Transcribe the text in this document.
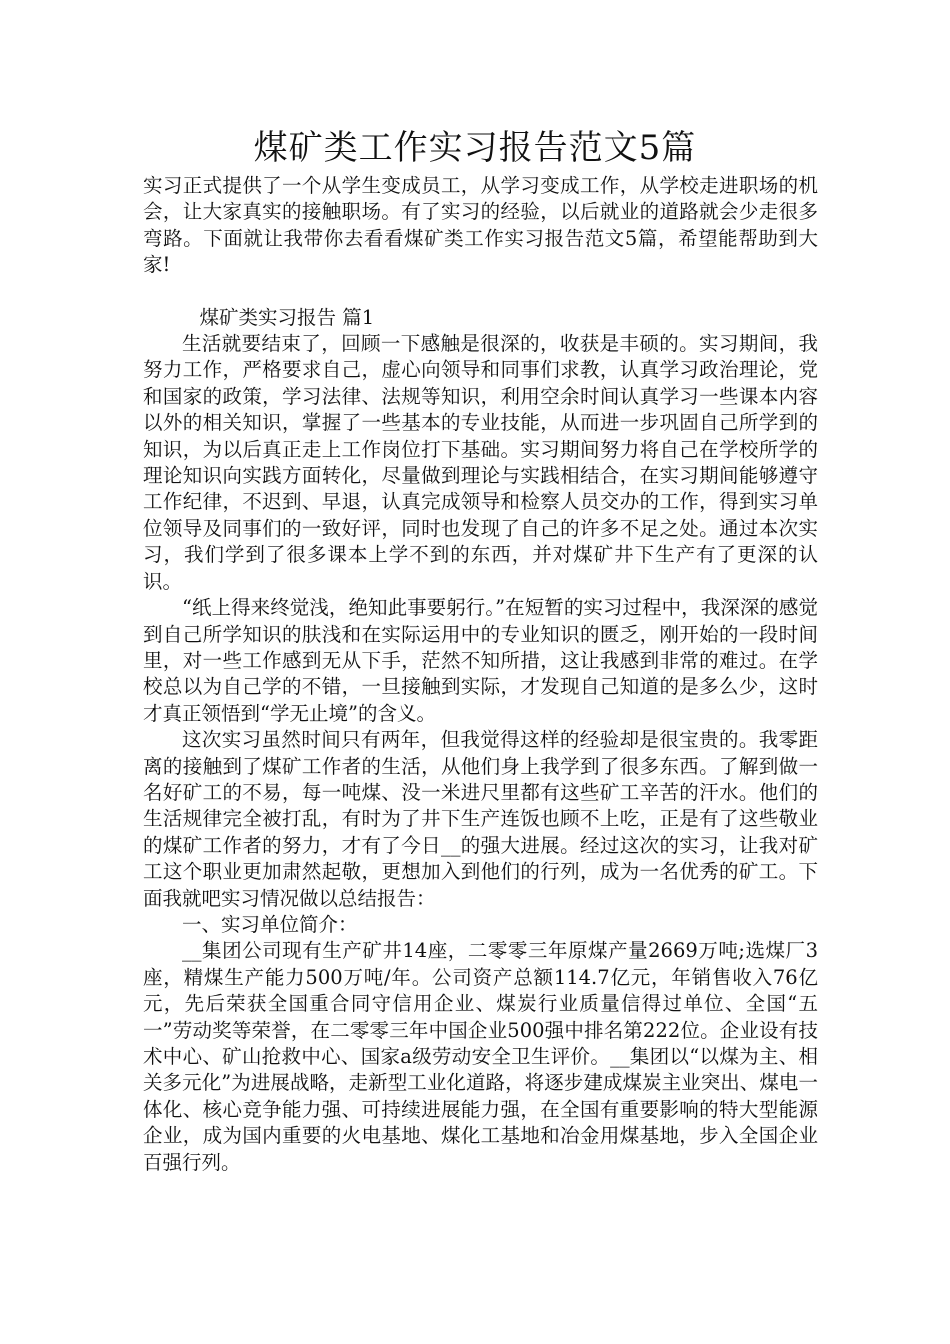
煤矿类工作实习报告范文5篇

实习正式提供了一个从学生变成员工，从学习变成工作，从学校走进职场的机会，让大家真实的接触职场。有了实习的经验，以后就业的道路就会少走很多弯路。下面就让我带你去看看煤矿类工作实习报告范文5篇，希望能帮助到大家!

煤矿类实习报告 篇1

生活就要结束了，回顾一下感触是很深的，收获是丰硕的。实习期间，我努力工作，严格要求自己，虚心向领导和同事们求教，认真学习政治理论，党和国家的政策，学习法律、法规等知识，利用空余时间认真学习一些课本内容以外的相关知识，掌握了一些基本的专业技能，从而进一步巩固自己所学到的知识，为以后真正走上工作岗位打下基础。实习期间努力将自己在学校所学的理论知识向实践方面转化，尽量做到理论与实践相结合，在实习期间能够遵守工作纪律，不迟到、早退，认真完成领导和检察人员交办的工作，得到实习单位领导及同事们的一致好评，同时也发现了自己的许多不足之处。通过本次实习，我们学到了很多课本上学不到的东西，并对煤矿井下生产有了更深的认识。

“纸上得来终觉浅，绝知此事要躬行。”在短暂的实习过程中，我深深的感觉到自己所学知识的肤浅和在实际运用中的专业知识的匮乏，刚开始的一段时间里，对一些工作感到无从下手，茫然不知所措，这让我感到非常的难过。在学校总以为自己学的不错，一旦接触到实际，才发现自己知道的是多么少，这时才真正领悟到“学无止境”的含义。

这次实习虽然时间只有两年，但我觉得这样的经验却是很宝贵的。我零距离的接触到了煤矿工作者的生活，从他们身上我学到了很多东西。了解到做一名好矿工的不易，每一吨煤、没一米进尺里都有这些矿工辛苦的汗水。他们的生活规律完全被打乱，有时为了井下生产连饭也顾不上吃，正是有了这些敬业的煤矿工作者的努力，才有了今日__的强大进展。经过这次的实习，让我对矿工这个职业更加肃然起敬，更想加入到他们的行列，成为一名优秀的矿工。下面我就吧实习情况做以总结报告：

一、实习单位简介：

__集团公司现有生产矿井14座，二零零三年原煤产量2669万吨;选煤厂3座，精煤生产能力500万吨/年。公司资产总额114.7亿元，年销售收入76亿元，先后荣获全国重合同守信用企业、煤炭行业质量信得过单位、全国“五一”劳动奖等荣誉，在二零零三年中国企业500强中排名第222位。企业设有技术中心、矿山抢救中心、国家a级劳动安全卫生评价。__集团以“以煤为主、相关多元化”为进展战略，走新型工业化道路，将逐步建成煤炭主业突出、煤电一体化、核心竞争能力强、可持续进展能力强，在全国有重要影响的特大型能源企业，成为国内重要的火电基地、煤化工基地和冶金用煤基地，步入全国企业百强行列。
